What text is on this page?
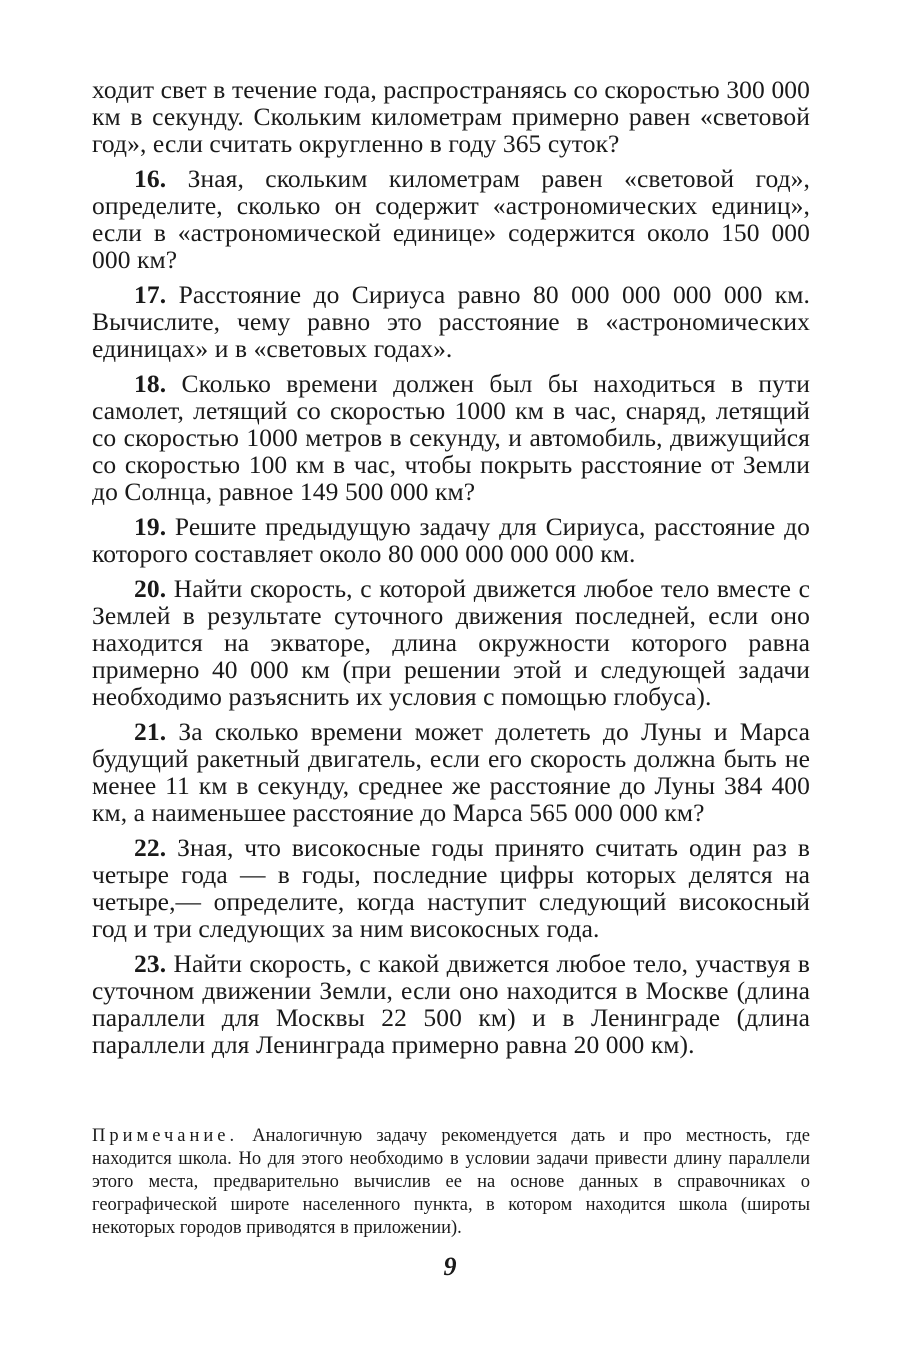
ходит свет в течение года, распространяясь со скоростью 300 000 км в секунду. Скольким километрам примерно равен «световой год», если считать округленно в году 365 суток?

16. Зная, скольким километрам равен «световой год», определите, сколько он содержит «астрономических единиц», если в «астрономической единице» содержится около 150 000 000 км?

17. Расстояние до Сириуса равно 80 000 000 000 000 км. Вычислите, чему равно это расстояние в «астрономических единицах» и в «световых годах».

18. Сколько времени должен был бы находиться в пути самолет, летящий со скоростью 1000 км в час, снаряд, летящий со скоростью 1000 метров в секунду, и автомобиль, движущийся со скоростью 100 км в час, чтобы покрыть расстояние от Земли до Солнца, равное 149 500 000 км?

19. Решите предыдущую задачу для Сириуса, расстояние до которого составляет около 80 000 000 000 000 км.

20. Найти скорость, с которой движется любое тело вместе с Землей в результате суточного движения последней, если оно находится на экваторе, длина окружности которого равна примерно 40 000 км (при решении этой и следующей задачи необходимо разъяснить их условия с помощью глобуса).

21. За сколько времени может долететь до Луны и Марса будущий ракетный двигатель, если его скорость должна быть не менее 11 км в секунду, среднее же расстояние до Луны 384 400 км, а наименьшее расстояние до Марса 565 000 000 км?

22. Зная, что високосные годы принято считать один раз в четыре года — в годы, последние цифры которых делятся на четыре,— определите, когда наступит следующий високосный год и три следующих за ним високосных года.

23. Найти скорость, с какой движется любое тело, участвуя в суточном движении Земли, если оно находится в Москве (длина параллели для Москвы 22 500 км) и в Ленинграде (длина параллели для Ленинграда примерно равна 20 000 км).

Примечание. Аналогичную задачу рекомендуется дать и про местность, где находится школа. Но для этого необходимо в условии задачи привести длину параллели этого места, предварительно вычислив ее на основе данных в справочниках о географической широте населенного пункта, в котором находится школа (широты некоторых городов приводятся в приложении).

9
